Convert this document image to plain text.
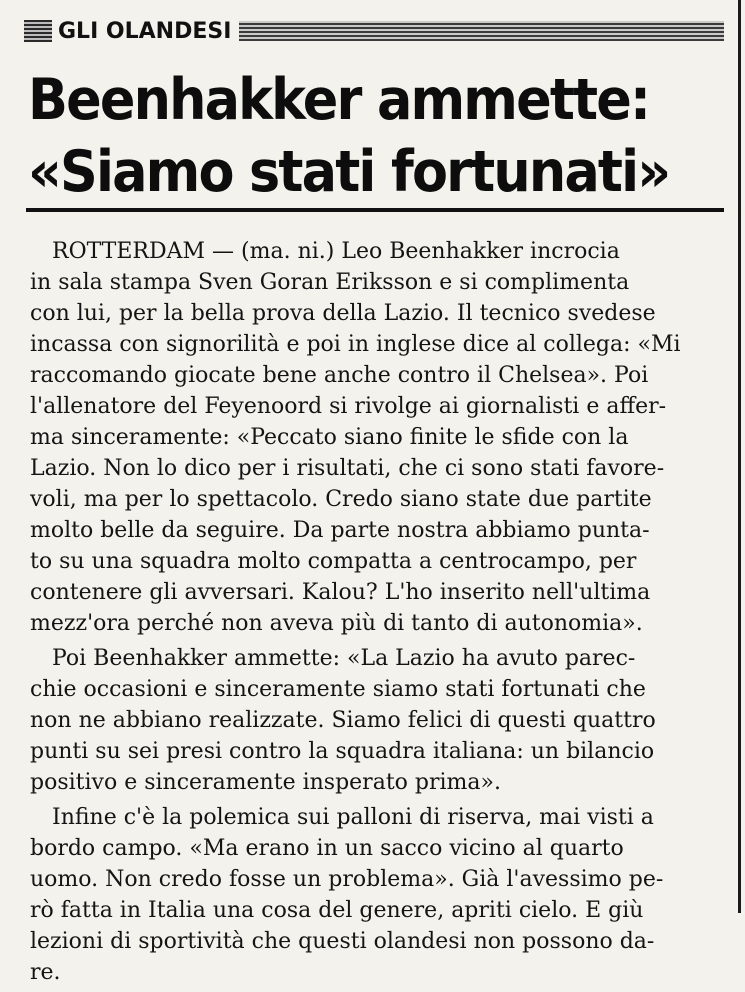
GLI OLANDESI
Beenhakker ammette:
«Siamo stati fortunati»
ROTTERDAM — (ma. ni.) Leo Beenhakker incrocia
in sala stampa Sven Goran Eriksson e si complimenta
con lui, per la bella prova della Lazio. Il tecnico svedese
incassa con signorilità e poi in inglese dice al collega: «Mi
raccomando giocate bene anche contro il Chelsea». Poi
l'allenatore del Feyenoord si rivolge ai giornalisti e affer-
ma sinceramente: «Peccato siano finite le sfide con la
Lazio. Non lo dico per i risultati, che ci sono stati favore-
voli, ma per lo spettacolo. Credo siano state due partite
molto belle da seguire. Da parte nostra abbiamo punta-
to su una squadra molto compatta a centrocampo, per
contenere gli avversari. Kalou? L'ho inserito nell'ultima
mezz'ora perché non aveva più di tanto di autonomia».
Poi Beenhakker ammette: «La Lazio ha avuto parec-
chie occasioni e sinceramente siamo stati fortunati che
non ne abbiano realizzate. Siamo felici di questi quattro
punti su sei presi contro la squadra italiana: un bilancio
positivo e sinceramente insperato prima».
Infine c'è la polemica sui palloni di riserva, mai visti a
bordo campo. «Ma erano in un sacco vicino al quarto
uomo. Non credo fosse un problema». Già l'avessimo pe-
rò fatta in Italia una cosa del genere, apriti cielo. E giù
lezioni di sportività che questi olandesi non possono da-
re.
